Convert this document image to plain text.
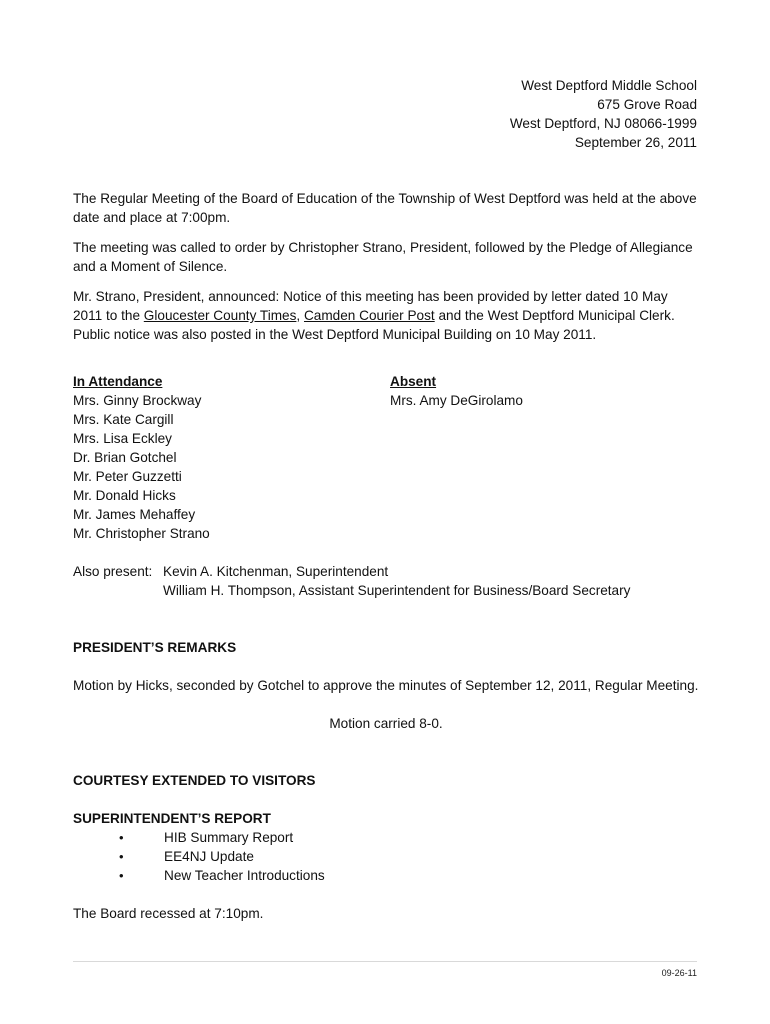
West Deptford Middle School
675 Grove Road
West Deptford, NJ 08066-1999
September 26, 2011

The Regular Meeting of the Board of Education of the Township of West Deptford was held at the above date and place at 7:00pm.

The meeting was called to order by Christopher Strano, President, followed by the Pledge of Allegiance and a Moment of Silence.

Mr. Strano, President, announced: Notice of this meeting has been provided by letter dated 10 May 2011 to the Gloucester County Times, Camden Courier Post and the West Deptford Municipal Clerk. Public notice was also posted in the West Deptford Municipal Building on 10 May 2011.

In Attendance
Mrs. Ginny Brockway
Mrs. Kate Cargill
Mrs. Lisa Eckley
Dr. Brian Gotchel
Mr. Peter Guzzetti
Mr. Donald Hicks
Mr. James Mehaffey
Mr. Christopher Strano
Absent
Mrs. Amy DeGirolamo
Also present: Kevin A. Kitchenman, Superintendent
William H. Thompson, Assistant Superintendent for Business/Board Secretary
PRESIDENT’S REMARKS
Motion by Hicks, seconded by Gotchel to approve the minutes of September 12, 2011, Regular Meeting.
Motion carried 8-0.
COURTESY EXTENDED TO VISITORS
SUPERINTENDENT’S REPORT
• HIB Summary Report
• EE4NJ Update
• New Teacher Introductions
The Board recessed at 7:10pm.
09-26-11
